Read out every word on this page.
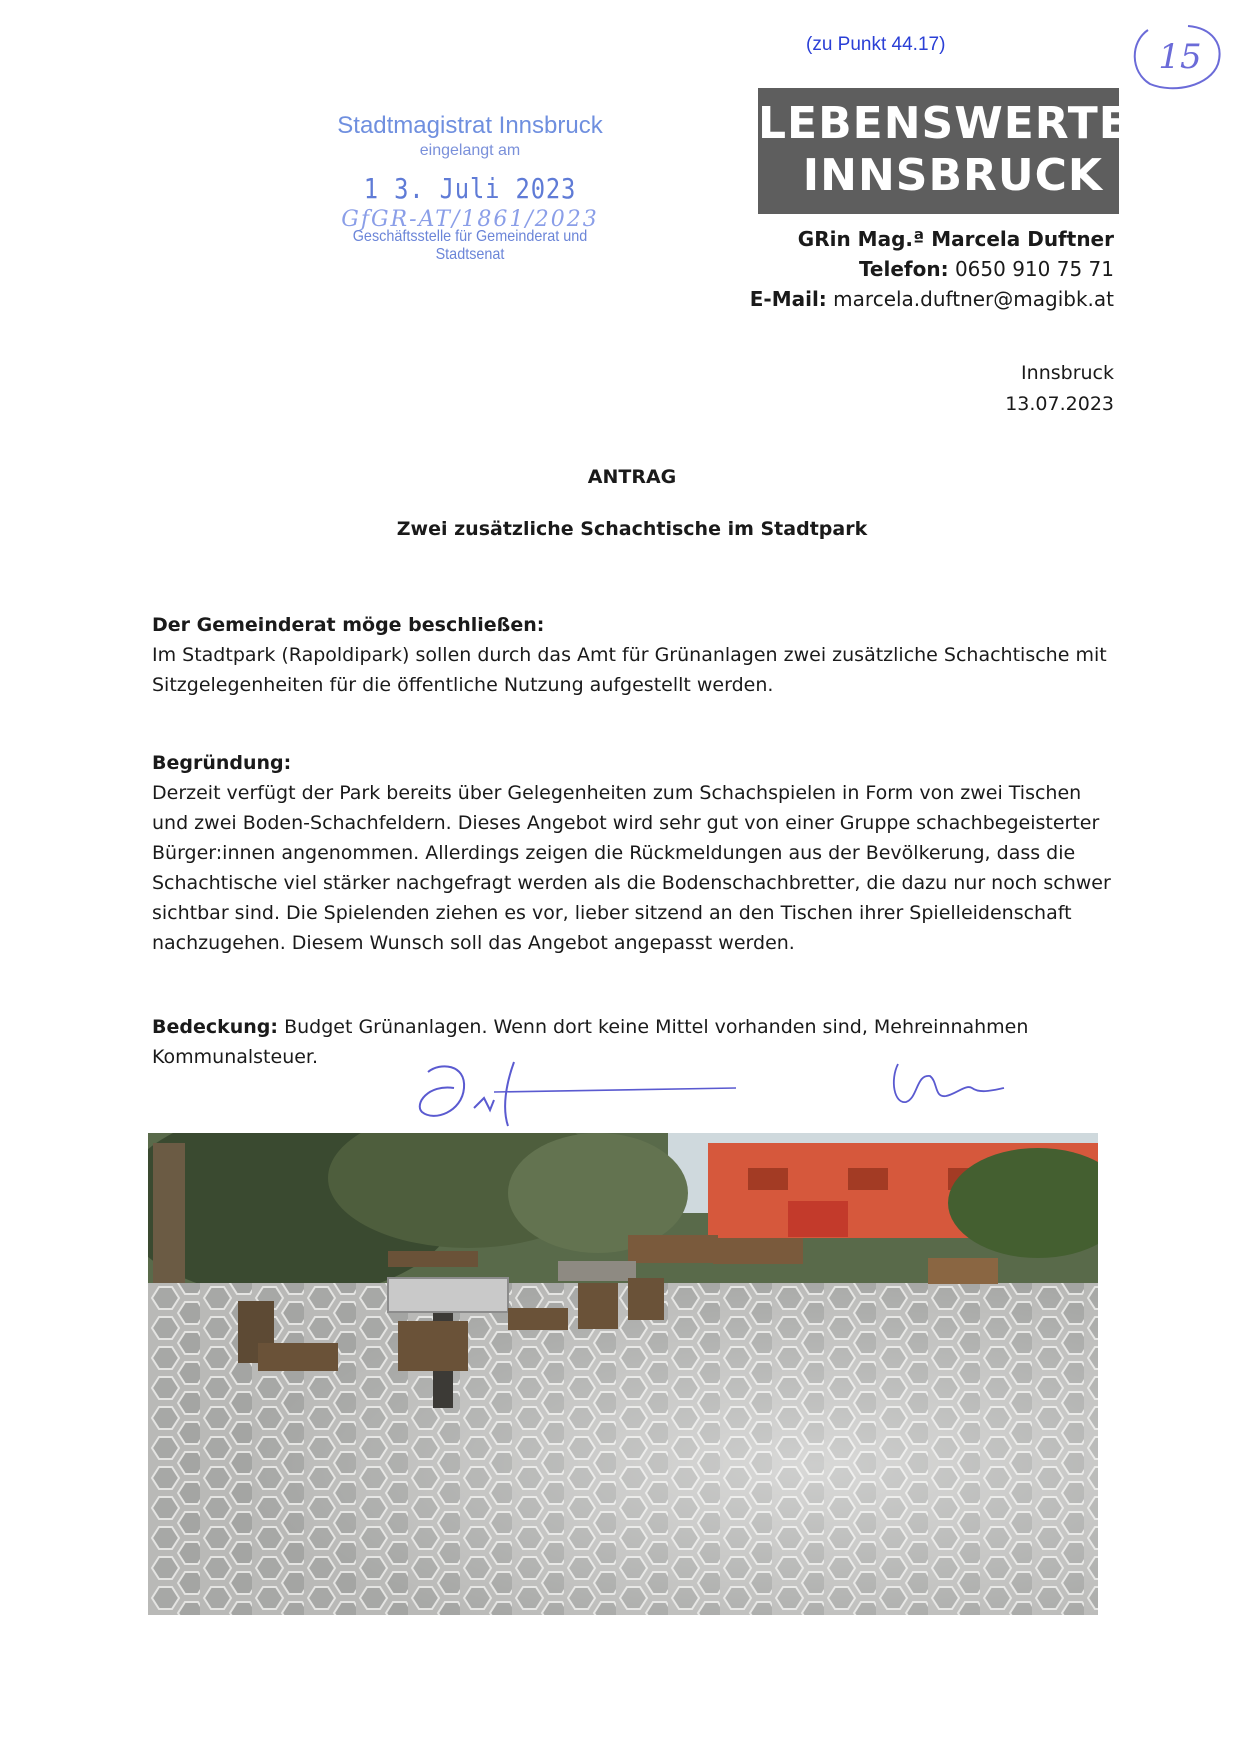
(zu Punkt 44.17)	15
Stadtmagistrat Innsbruck
eingelangt am
1 3. Juli 2023
GfGR-AT/1861/2023
Geschäftsstelle für Gemeinderat und Stadtsenat
LEBENSWERTES
INNSBRUCK
GRin Mag.ª Marcela Duftner
Telefon: 0650 910 75 71
E-Mail: marcela.duftner@magibk.at
Innsbruck
13.07.2023
ANTRAG
Zwei zusätzliche Schachtische im Stadtpark
Der Gemeinderat möge beschließen:
Im Stadtpark (Rapoldipark) sollen durch das Amt für Grünanlagen zwei zusätzliche Schachtische mit Sitzgelegenheiten für die öffentliche Nutzung aufgestellt werden.
Begründung:
Derzeit verfügt der Park bereits über Gelegenheiten zum Schachspielen in Form von zwei Tischen und zwei Boden-Schachfeldern. Dieses Angebot wird sehr gut von einer Gruppe schachbegeisterter Bürger:innen angenommen. Allerdings zeigen die Rückmeldungen aus der Bevölkerung, dass die Schachtische viel stärker nachgefragt werden als die Bodenschachbretter, die dazu nur noch schwer sichtbar sind. Die Spielenden ziehen es vor, lieber sitzend an den Tischen ihrer Spielleidenschaft nachzugehen. Diesem Wunsch soll das Angebot angepasst werden.
Bedeckung: Budget Grünanlagen. Wenn dort keine Mittel vorhanden sind, Mehreinnahmen Kommunalsteuer.
